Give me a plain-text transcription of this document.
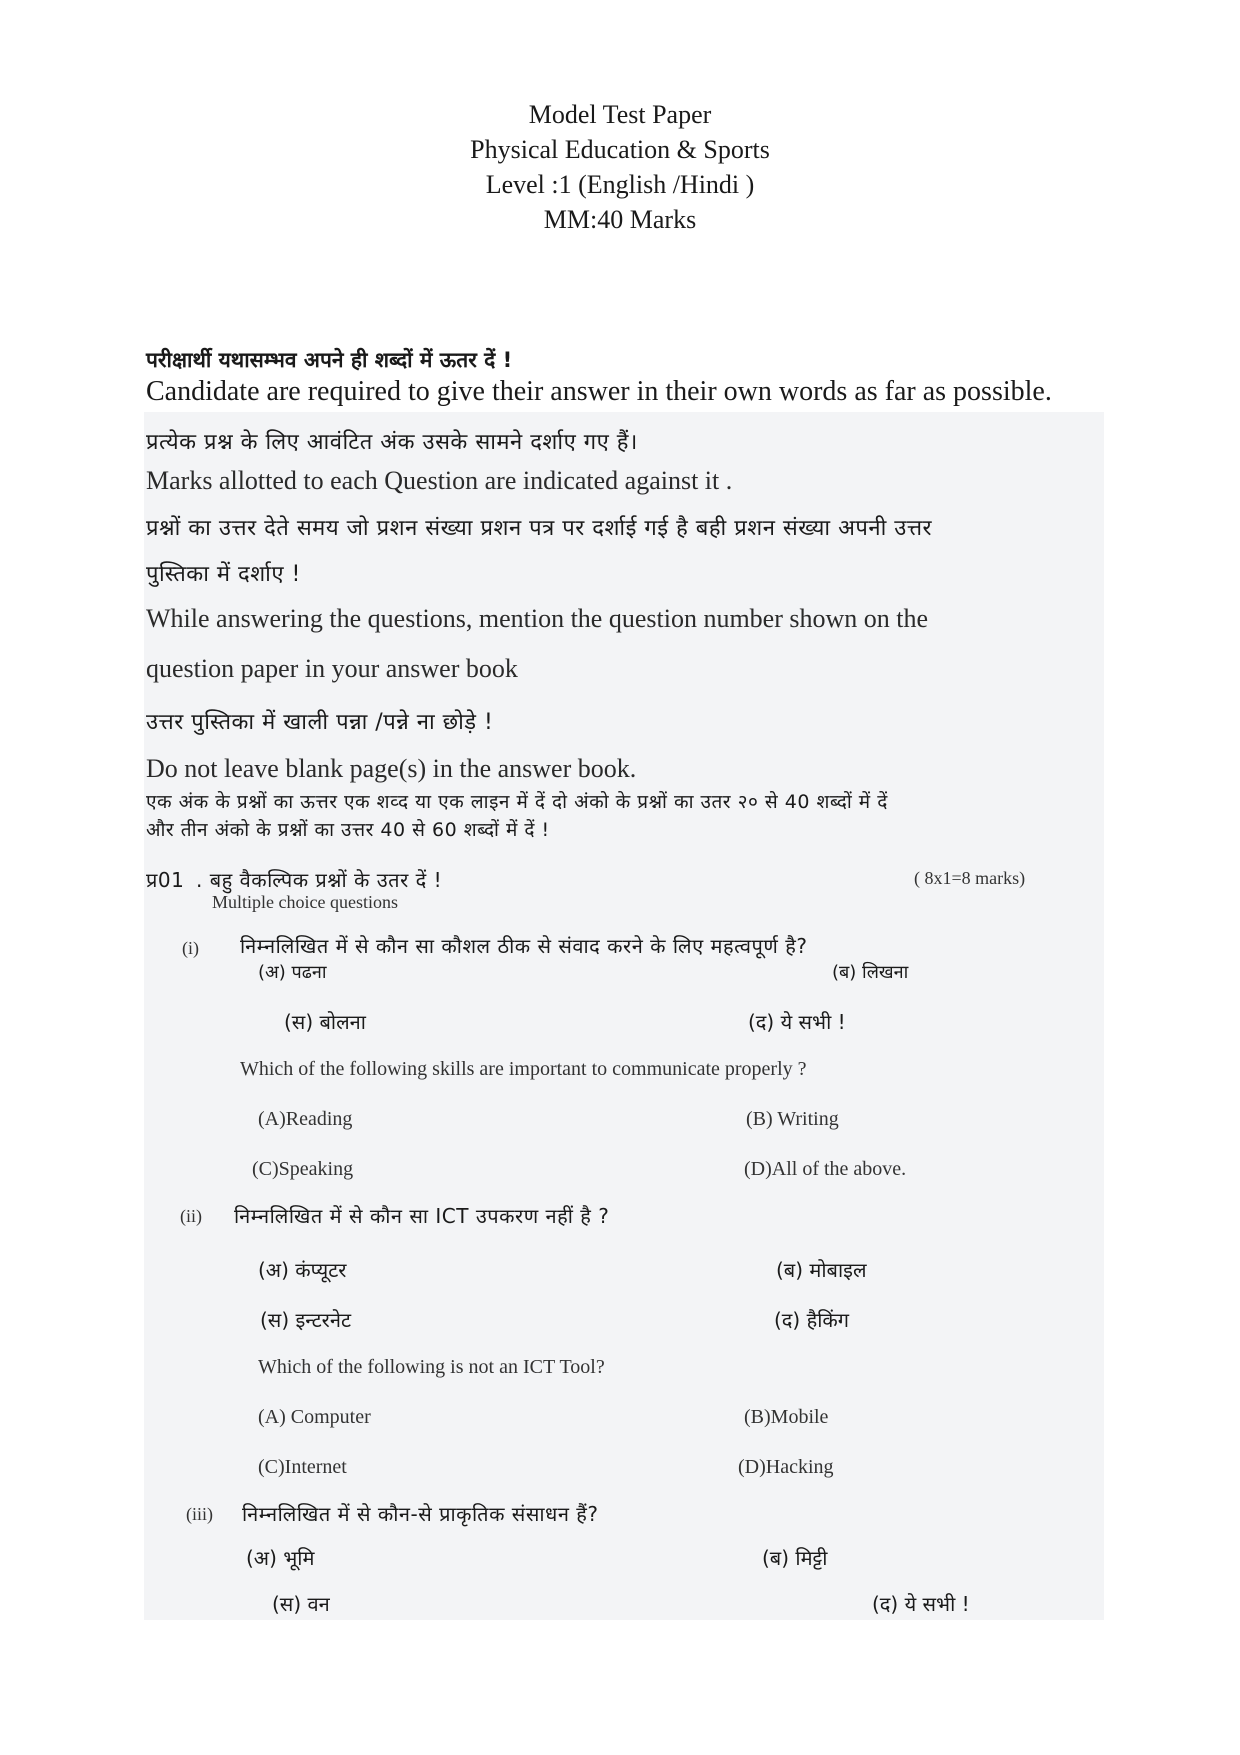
Model Test Paper
Physical Education & Sports
Level :1 (English /Hindi )
MM:40 Marks
परीक्षार्थी यथासम्भव अपने ही शब्दों में ऊतर दें !
Candidate are required to give their answer in their own words as far as possible.
प्रत्येक प्रश्न के लिए आवंटित अंक उसके सामने दर्शाए गए हैं।
Marks allotted to each Question are indicated against it .
प्रश्नों का उत्तर देते समय जो प्रशन संख्या प्रशन पत्र पर दर्शाई गई है बही प्रशन संख्या अपनी उत्तर
पुस्तिका में दर्शाए !
While answering the questions, mention the question number shown on the
question paper in your answer book
उत्तर पुस्तिका में खाली पन्ना /पन्ने ना छोड़े !
Do not leave blank page(s) in the answer book.
एक अंक के प्रश्नों का ऊत्तर एक शव्द या एक लाइन में दें दो अंको के प्रश्नों का उतर २० से 40 शब्दों में दें
और तीन अंको के प्रश्नों का उत्तर 40 से 60 शब्दों में दें !
प्र01 . बहु वैकल्पिक प्रश्नों के उतर दें !	( 8x1=8 marks)
Multiple choice questions
(i) निम्नलिखित में से कौन सा कौशल ठीक से संवाद करने के लिए महत्वपूर्ण है?
(अ) पढना	(ब) लिखना
(स) बोलना	(द) ये सभी !
Which of the following skills are important to communicate properly ?
(A)Reading	(B) Writing
(C)Speaking	(D)All of the above.
(ii) निम्नलिखित में से कौन सा ICT उपकरण नहीं है ?
(अ) कंप्यूटर	(ब) मोबाइल
(स) इन्टरनेट	(द) हैकिंग
Which of the following is not an ICT Tool?
(A) Computer	(B)Mobile
(C)Internet	(D)Hacking
(iii) निम्नलिखित में से कौन-से प्राकृतिक संसाधन हैं?
(अ) भूमि	(ब) मिट्टी
(स) वन	(द) ये सभी !
